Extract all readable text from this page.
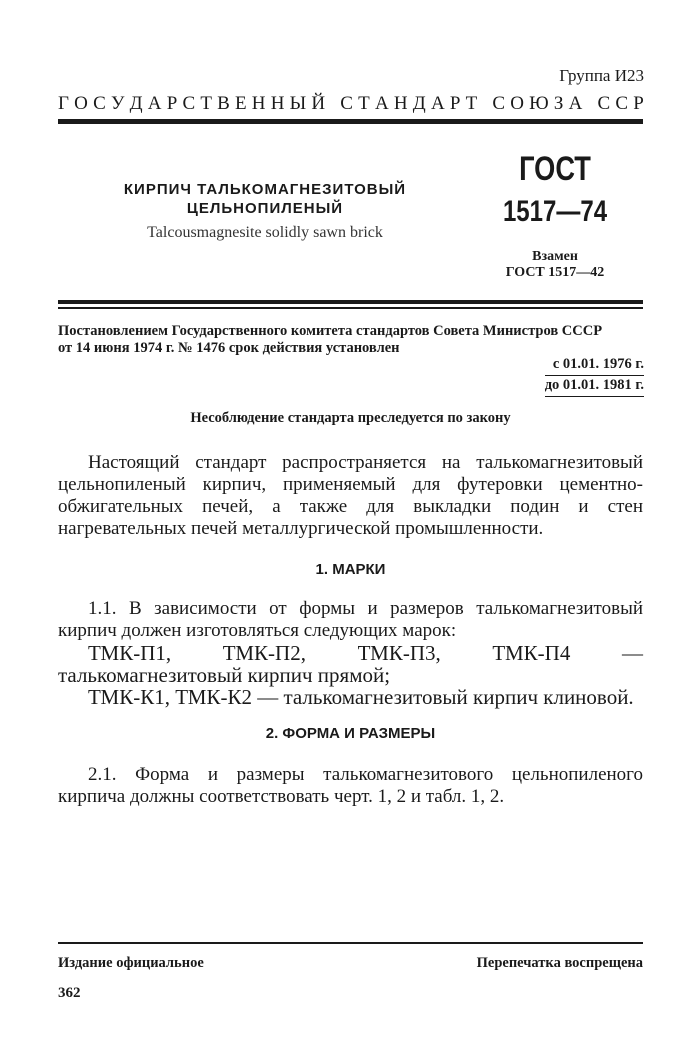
Группа И23
Г О С У Д А Р С Т В Е Н Н Ы Й
С Т А Н Д А Р Т
С О Ю З А
С С Р
КИРПИЧ ТАЛЬКОМАГНЕЗИТОВЫЙ
ЦЕЛЬНОПИЛЕНЫЙ
Talcousmagnesite solidly sawn brick
ГОСТ
1517—74
Взамен
ГОСТ 1517—42

Постановлением Государственного комитета стандартов Совета Министров СССР

от 14 июня 1974 г. № 1476 срок действия установлен

с 01.01. 1976 г.
до 01.01. 1981 г.
Несоблюдение стандарта преследуется по закону

Настоящий стандарт распространяется на талькомагнезитовый цельнопиленый кирпич, применяемый для футеровки цементно-обжигательных печей, а также для выкладки подин и стен нагревательных печей металлургической промышленности.

1. МАРКИ

1.1. В зависимости от формы и размеров талькомагнезитовый кирпич должен изготовляться следующих марок:

ТМК-П1, ТМК-П2, ТМК-П3, ТМК-П4 — талькомагнезитовый кирпич прямой;

ТМК-К1, ТМК-К2 — талькомагнезитовый кирпич клиновой.

2. ФОРМА И РАЗМЕРЫ

2.1. Форма и размеры талькомагнезитового цельнопиленого кирпича должны соответствовать черт. 1, 2 и табл. 1, 2.

Издание официальное	Перепечатка воспрещена
362
